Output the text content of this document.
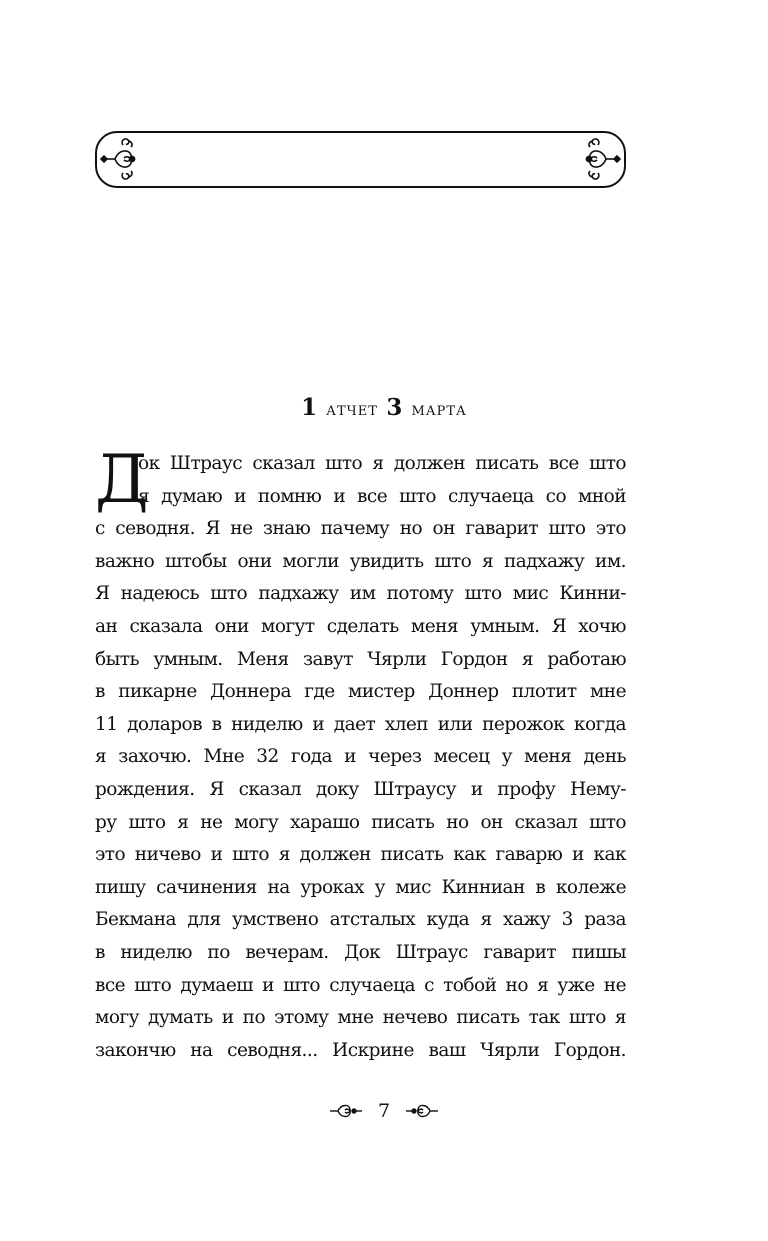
1 атчет 3 марта
Д
ок Штраус сказал што я должен писать все што
я думаю и помню и все што случаеца со мной
с севодня. Я не знаю пачему но он гаварит што это
важно штобы они могли увидить што я падхажу им.
Я надеюсь што падхажу им потому што мис Кинни-
ан сказала они могут сделать меня умным. Я хочю
быть умным. Меня завут Чярли Гордон я работаю
в пикарне Доннера где мистер Доннер плотит мне
11 доларов в ниделю и дает хлеп или перожок когда
я захочю. Мне 32 года и через месец у меня день
рождения. Я сказал доку Штраусу и профу Нему-
ру што я не могу харашо писать но он сказал што
это ничево и што я должен писать как гаварю и как
пишу сачинения на уроках у мис Кинниан в колеже
Бекмана для умствено атсталых куда я хажу 3 раза
в ниделю по вечерам. Док Штраус гаварит пишы
все што думаеш и што случаеца с тобой но я уже не
могу думать и по этому мне нечево писать так што я
закончю на севодня... Искрине ваш Чярли Гордон.
7
